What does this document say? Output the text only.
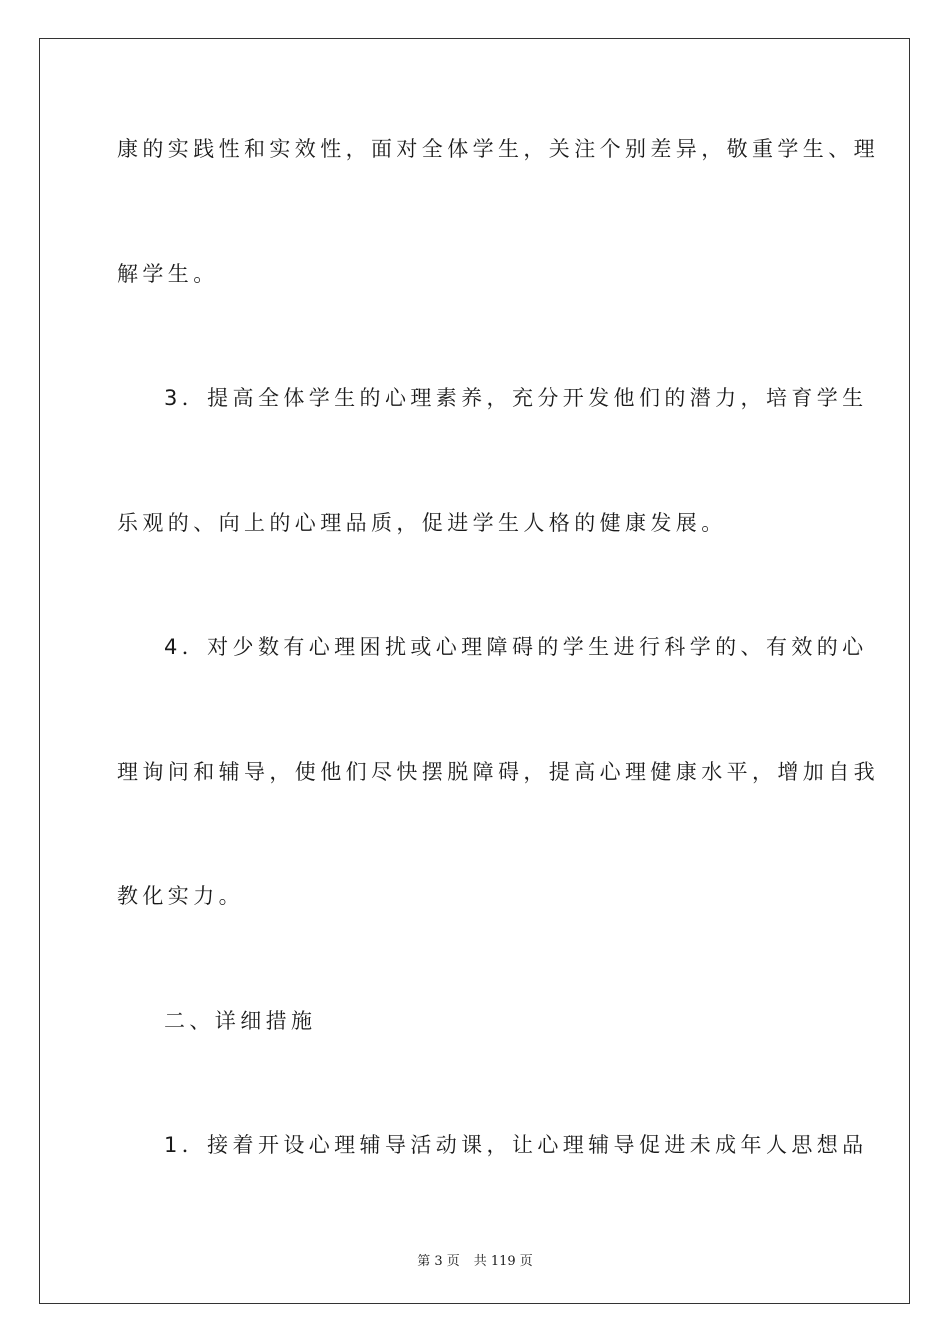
康的实践性和实效性，面对全体学生，关注个别差异，敬重学生、理
解学生。
3．提高全体学生的心理素养，充分开发他们的潜力，培育学生
乐观的、向上的心理品质，促进学生人格的健康发展。
4．对少数有心理困扰或心理障碍的学生进行科学的、有效的心
理询问和辅导，使他们尽快摆脱障碍，提高心理健康水平，增加自我
教化实力。
二、详细措施
1．接着开设心理辅导活动课，让心理辅导促进未成年人思想品
第 3 页 共 119 页
